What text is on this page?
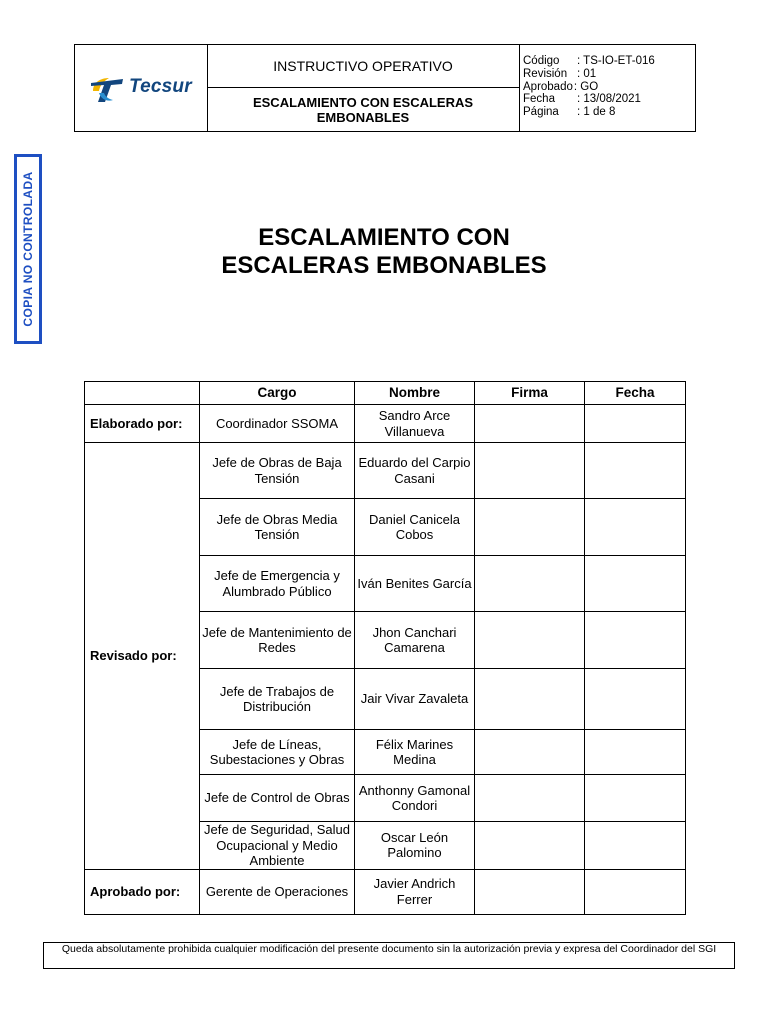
Tecsur
INSTRUCTIVO OPERATIVO
ESCALAMIENTO CON ESCALERAS EMBONABLES
Código	: TS-IO-ET-016
Revisión : 01
Aprobado : GO
Fecha	: 13/08/2021
Página	: 1 de 8
COPIA NO CONTROLADA	ESCALAMIENTO CON
ESCALERAS EMBONABLES
	Cargo	Nombre	Firma	Fecha
Elaborado por:	Coordinador SSOMA	Sandro Arce Villanueva		
Revisado por:	Jefe de Obras de Baja Tensión	Eduardo del Carpio Casani		
	Jefe de Obras Media Tensión	Daniel Canicela Cobos		
	Jefe de Emergencia y Alumbrado Público	Iván Benites García		
	Jefe de Mantenimiento de Redes	Jhon Canchari Camarena		
	Jefe de Trabajos de Distribución	Jair Vivar Zavaleta		
	Jefe de Líneas, Subestaciones y Obras	Félix Marines Medina		
	Jefe de Control de Obras	Anthonny Gamonal Condori		
	Jefe de Seguridad, Salud Ocupacional y Medio Ambiente	Oscar León Palomino		
Aprobado por:	Gerente de Operaciones	Javier Andrich Ferrer		
Queda absolutamente prohibida cualquier modificación del presente documento sin la autorización previa y expresa del Coordinador del SGI
